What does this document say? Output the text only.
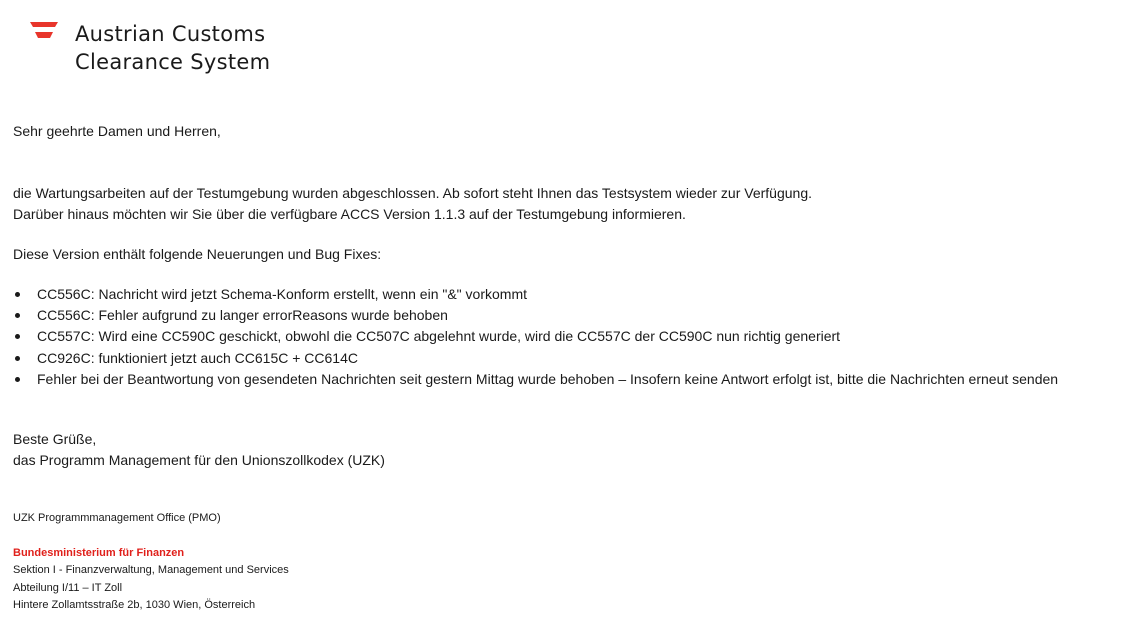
Austrian Customs
Clearance System
Sehr geehrte Damen und Herren,
die Wartungsarbeiten auf der Testumgebung wurden abgeschlossen. Ab sofort steht Ihnen das Testsystem wieder zur Verfügung.
Darüber hinaus möchten wir Sie über die verfügbare ACCS Version 1.1.3 auf der Testumgebung informieren.
Diese Version enthält folgende Neuerungen und Bug Fixes:
CC556C: Nachricht wird jetzt Schema-Konform erstellt, wenn ein "&" vorkommt
CC556C: Fehler aufgrund zu langer errorReasons wurde behoben
CC557C: Wird eine CC590C geschickt, obwohl die CC507C abgelehnt wurde, wird die CC557C der CC590C nun richtig generiert
CC926C: funktioniert jetzt auch CC615C + CC614C
Fehler bei der Beantwortung von gesendeten Nachrichten seit gestern Mittag wurde behoben – Insofern keine Antwort erfolgt ist, bitte die Nachrichten erneut senden
Beste Grüße,
das Programm Management für den Unionszollkodex (UZK)
UZK Programmmanagement Office (PMO)
Bundesministerium für Finanzen
Sektion I - Finanzverwaltung, Management und Services
Abteilung I/11 – IT Zoll
Hintere Zollamtsstraße 2b, 1030 Wien, Österreich
